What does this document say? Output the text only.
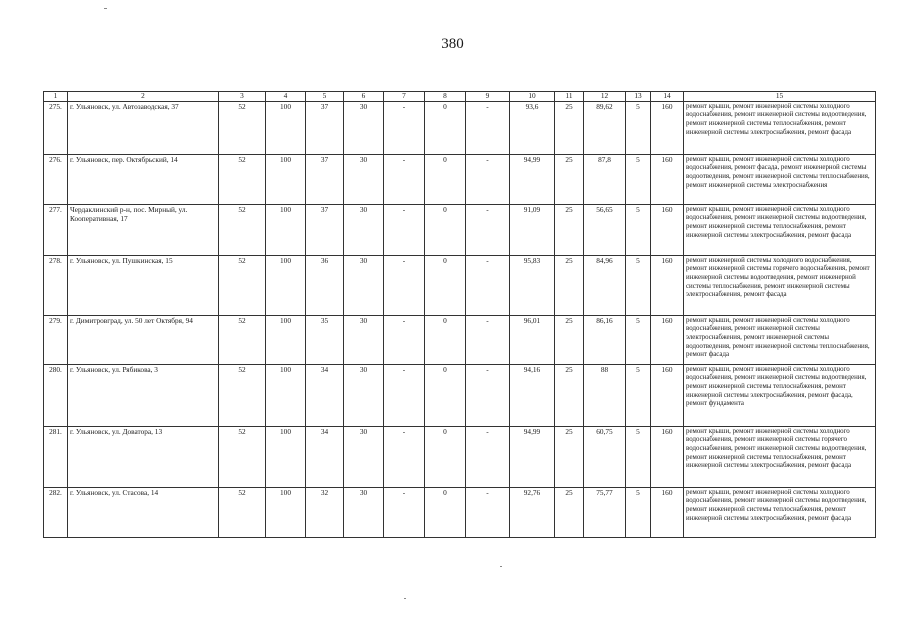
380
1	2	3	4	5	6	7	8	9	10	11	12	13	14	15
275.	г. Ульяновск, ул. Автозаводская, 37	52	100	37	30	-	0	-	93,6	25	89,62	5	160	ремонт крыши, ремонт инженерной системы холодного водоснабжения, ремонт инженерной системы водоотведения, ремонт инженерной системы теплоснабжения, ремонт инженерной системы электроснабжения, ремонт фасада
276.	г. Ульяновск, пер. Октябрьский, 14	52	100	37	30	-	0	-	94,99	25	87,8	5	160	ремонт крыши, ремонт инженерной системы холодного водоснабжения, ремонт фасада, ремонт инженерной системы водоотведения, ремонт инженерной системы теплоснабжения, ремонт инженерной системы электроснабжения
277.	Чердаклинский р-н, пос. Мирный, ул. Кооперативная, 17	52	100	37	30	-	0	-	91,09	25	56,65	5	160	ремонт крыши, ремонт инженерной системы холодного водоснабжения, ремонт инженерной системы водоотведения, ремонт инженерной системы теплоснабжения, ремонт инженерной системы электроснабжения, ремонт фасада
278.	г. Ульяновск, ул. Пушкинская, 15	52	100	36	30	-	0	-	95,83	25	84,96	5	160	ремонт инженерной системы холодного водоснабжения, ремонт инженерной системы горячего водоснабжения, ремонт инженерной системы водоотведения, ремонт инженерной системы теплоснабжения, ремонт инженерной системы электроснабжения, ремонт фасада
279.	г. Димитровград, ул. 50 лет Октября, 94	52	100	35	30	-	0	-	96,01	25	86,16	5	160	ремонт крыши, ремонт инженерной системы холодного водоснабжения, ремонт инженерной системы электроснабжения, ремонт инженерной системы водоотведения, ремонт инженерной системы теплоснабжения, ремонт фасада
280.	г. Ульяновск, ул. Рябикова, 3	52	100	34	30	-	0	-	94,16	25	88	5	160	ремонт крыши, ремонт инженерной системы холодного водоснабжения, ремонт инженерной системы водоотведения, ремонт инженерной системы теплоснабжения, ремонт инженерной системы электроснабжения, ремонт фасада, ремонт фундамента
281.	г. Ульяновск, ул. Доватора, 13	52	100	34	30	-	0	-	94,99	25	60,75	5	160	ремонт крыши, ремонт инженерной системы холодного водоснабжения, ремонт инженерной системы горячего водоснабжения, ремонт инженерной системы водоотведения, ремонт инженерной системы теплоснабжения, ремонт инженерной системы электроснабжения, ремонт фасада
282.	г. Ульяновск, ул. Стасова, 14	52	100	32	30	-	0	-	92,76	25	75,77	5	160	ремонт крыши, ремонт инженерной системы холодного водоснабжения, ремонт инженерной системы водоотведения, ремонт инженерной системы теплоснабжения, ремонт инженерной системы электроснабжения, ремонт фасада
